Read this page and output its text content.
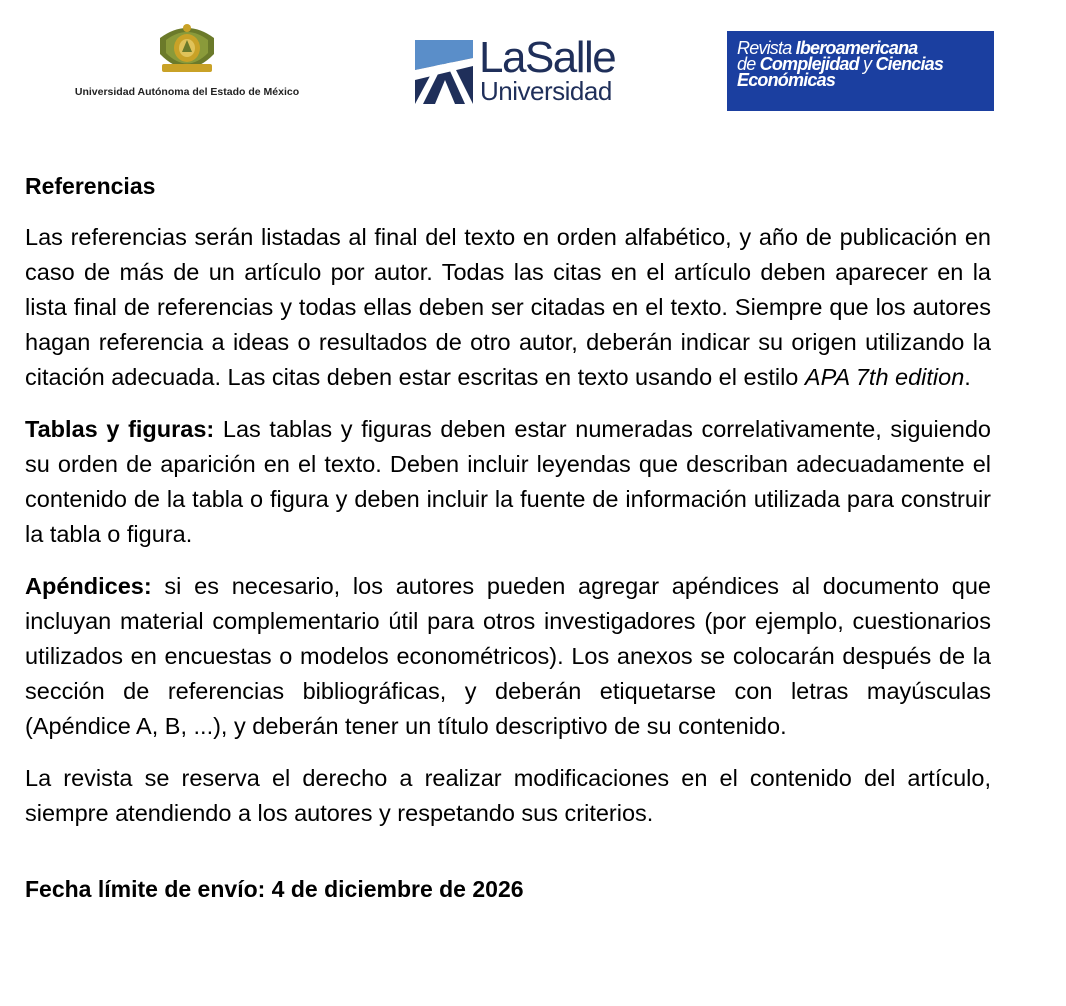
Universidad Autónoma del Estado de México
LaSalle
Universidad
Revista Iberoamericana
de Complejidad y Ciencias
Económicas
Referencias

Las referencias serán listadas al final del texto en orden alfabético, y año de publicación en caso de más de un artículo por autor. Todas las citas en el artículo deben aparecer en la lista final de referencias y todas ellas deben ser citadas en el texto. Siempre que los autores hagan referencia a ideas o resultados de otro autor, deberán indicar su origen utilizando la citación adecuada. Las citas deben estar escritas en texto usando el estilo APA 7th edition.

Tablas y figuras: Las tablas y figuras deben estar numeradas correlativamente, siguiendo su orden de aparición en el texto. Deben incluir leyendas que describan adecuadamente el contenido de la tabla o figura y deben incluir la fuente de información utilizada para construir la tabla o figura.

Apéndices: si es necesario, los autores pueden agregar apéndices al documento que incluyan material complementario útil para otros investigadores (por ejemplo, cuestionarios utilizados en encuestas o modelos econométricos). Los anexos se colocarán después de la sección de referencias bibliográficas, y deberán etiquetarse con letras mayúsculas (Apéndice A, B, ...), y deberán tener un título descriptivo de su contenido.

La revista se reserva el derecho a realizar modificaciones en el contenido del artículo, siempre atendiendo a los autores y respetando sus criterios.

Fecha límite de envío: 4 de diciembre de 2026
